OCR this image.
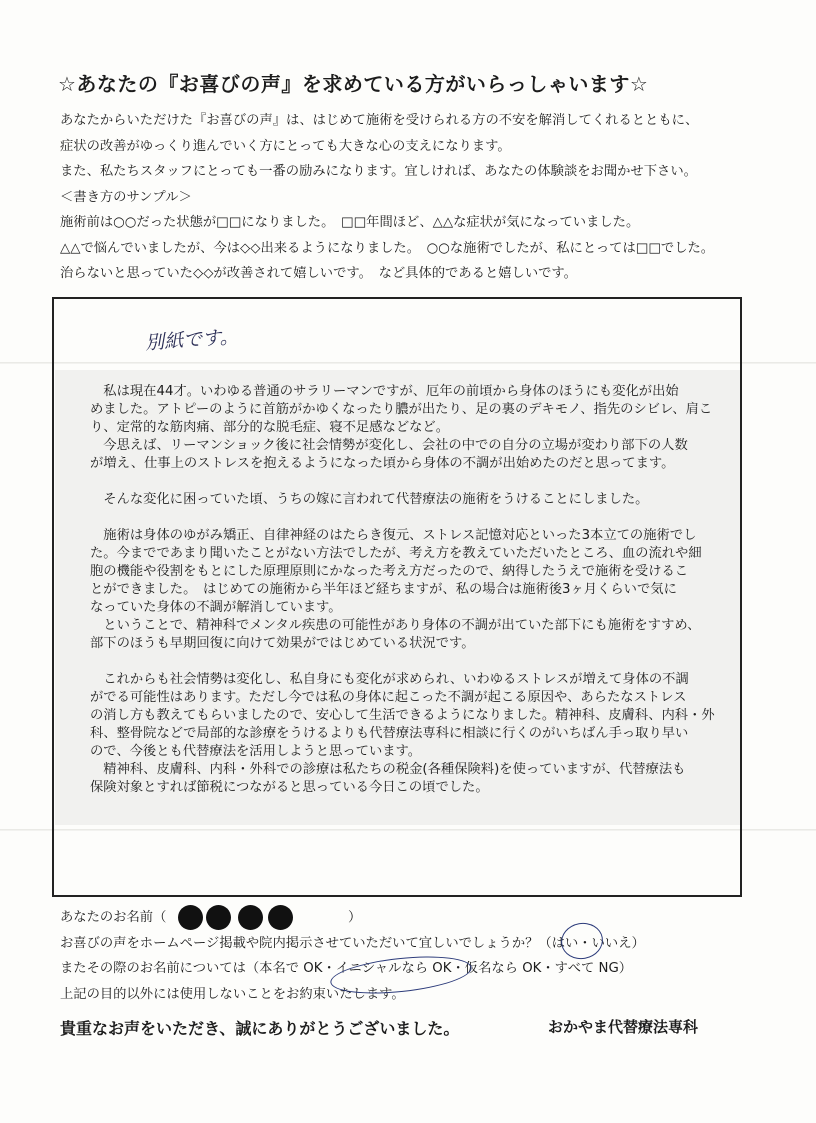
☆あなたの『お喜びの声』を求めている方がいらっしゃいます☆
あなたからいただけた『お喜びの声』は、はじめて施術を受けられる方の不安を解消してくれるとともに、
症状の改善がゆっくり進んでいく方にとっても大きな心の支えになります。
また、私たちスタッフにとっても一番の励みになります。宜しければ、あなたの体験談をお聞かせ下さい。
＜書き方のサンプル＞
施術前は○○だった状態が□□になりました。　□□年間ほど、△△な症状が気になっていました。
△△で悩んでいましたが、今は◇◇出来るようになりました。　○○な施術でしたが、私にとっては□□でした。
治らないと思っていた◇◇が改善されて嬉しいです。　など具体的であると嬉しいです。
別紙です。
　私は現在44才。いわゆる普通のサラリーマンですが、厄年の前頃から身体のほうにも変化が出始
めました。アトピーのように首筋がかゆくなったり膿が出たり、足の裏のデキモノ、指先のシビレ、肩こ
り、定常的な筋肉痛、部分的な脱毛症、寝不足感などなど。
　今思えば、リーマンショック後に社会情勢が変化し、会社の中での自分の立場が変わり部下の人数
が増え、仕事上のストレスを抱えるようになった頃から身体の不調が出始めたのだと思ってます。
　そんな変化に困っていた頃、うちの嫁に言われて代替療法の施術をうけることにしました。
　施術は身体のゆがみ矯正、自律神経のはたらき復元、ストレス記憶対応といった3本立ての施術でし
た。今までであまり聞いたことがない方法でしたが、考え方を教えていただいたところ、血の流れや細
胞の機能や役割をもとにした原理原則にかなった考え方だったので、納得したうえで施術を受けるこ
とができました。　はじめての施術から半年ほど経ちますが、私の場合は施術後3ヶ月くらいで気に
なっていた身体の不調が解消しています。
　ということで、精神科でメンタル疾患の可能性があり身体の不調が出ていた部下にも施術をすすめ、
部下のほうも早期回復に向けて効果がではじめている状況です。
　これからも社会情勢は変化し、私自身にも変化が求められ、いわゆるストレスが増えて身体の不調
がでる可能性はあります。ただし今では私の身体に起こった不調が起こる原因や、あらたなストレス
の消し方も教えてもらいましたので、安心して生活できるようになりました。精神科、皮膚科、内科・外
科、整骨院などで局部的な診療をうけるよりも代替療法専科に相談に行くのがいちばん手っ取り早い
ので、今後とも代替療法を活用しようと思っています。
　精神科、皮膚科、内科・外科での診療は私たちの税金(各種保険料)を使っていますが、代替療法も
保険対象とすれば節税につながると思っている今日この頃でした。
あなたのお名前（	）
お喜びの声をホームページ掲載や院内掲示させていただいて宜しいでしょうか？（はい・いいえ）
またその際のお名前については（本名で OK・イニシャルなら OK・仮名なら OK・すべて NG）
上記の目的以外には使用しないことをお約束いたします。
貴重なお声をいただき、誠にありがとうございました。	おかやま代替療法専科
